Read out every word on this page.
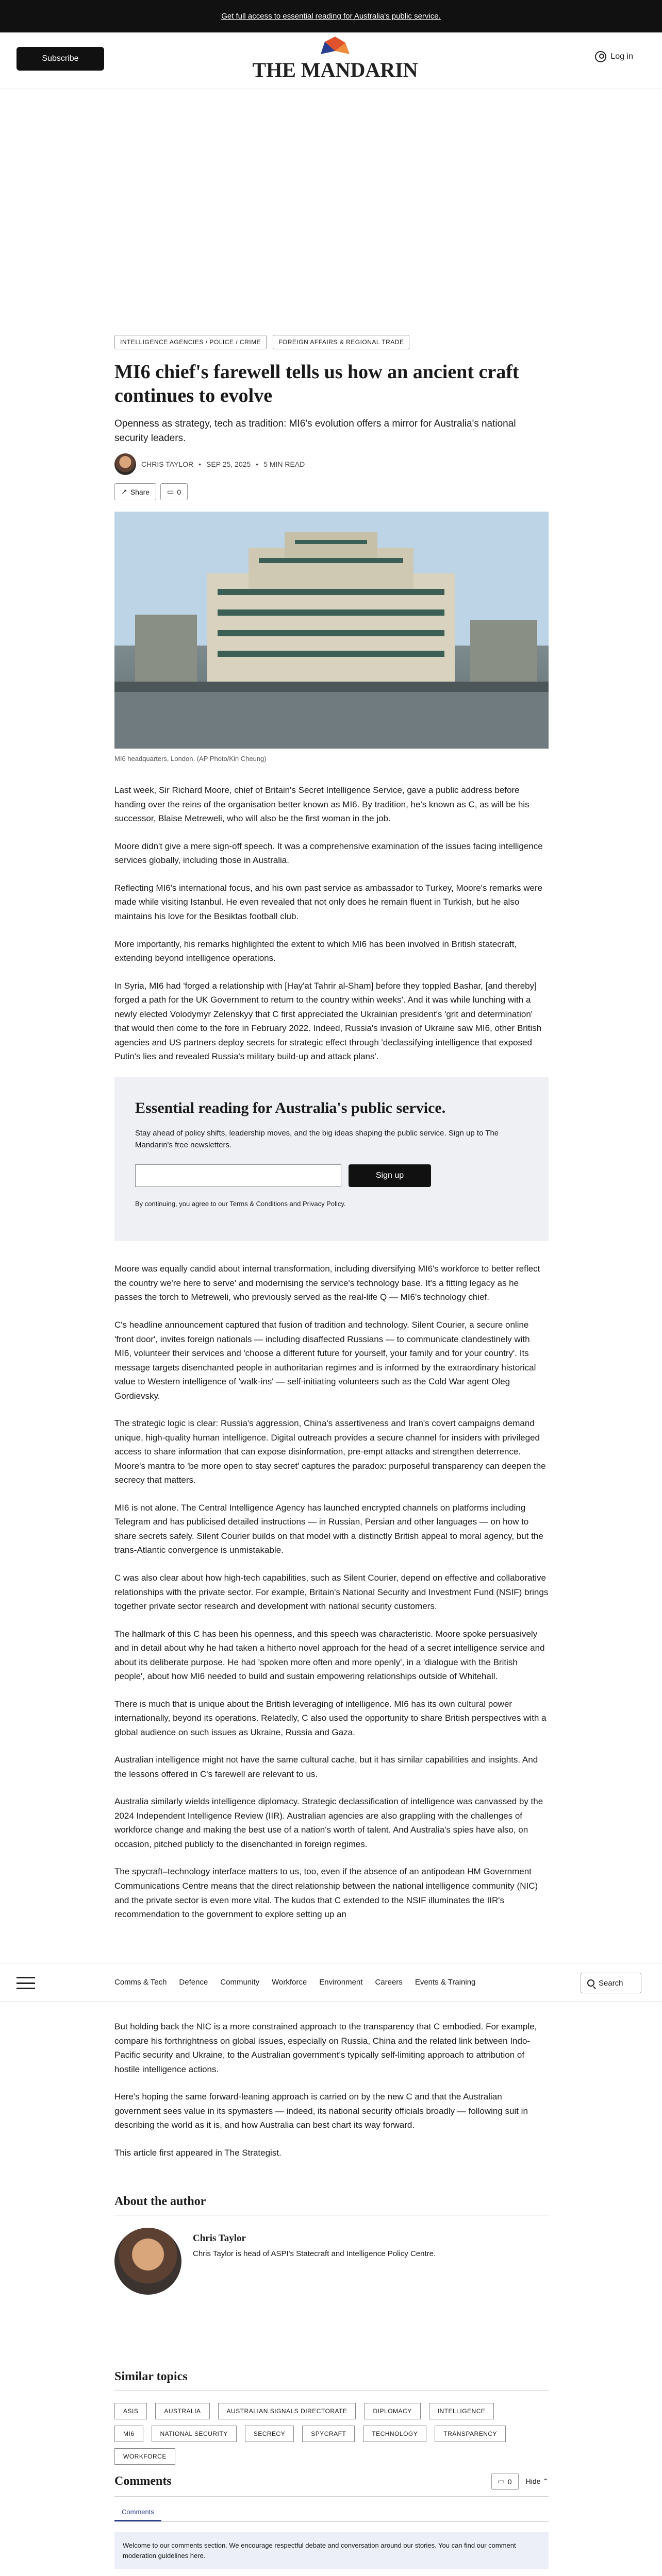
Get full access to essential reading for Australia's public service.
Subscribe	THE MANDARIN
Log in
INTELLIGENCE AGENCIES / POLICE / CRIME	FOREIGN AFFAIRS & REGIONAL TRADE
MI6 chief's farewell tells us how an ancient craft continues to evolve

Openness as strategy, tech as tradition: MI6's evolution offers a mirror for Australia's national security leaders.

CHRIS TAYLOR • SEP 25, 2025 • 5 MIN READ
↗ Share ▭ 0

MI6 headquarters, London. (AP Photo/Kin Cheung)

Last week, Sir Richard Moore, chief of Britain's Secret Intelligence Service, gave a public address before handing over the reins of the organisation better known as MI6. By tradition, he's known as C, as will be his successor, Blaise Metreweli, who will also be the first woman in the job.

Moore didn't give a mere sign-off speech. It was a comprehensive examination of the issues facing intelligence services globally, including those in Australia.

Reflecting MI6's international focus, and his own past service as ambassador to Turkey, Moore's remarks were made while visiting Istanbul. He even revealed that not only does he remain fluent in Turkish, but he also maintains his love for the Besiktas football club.

More importantly, his remarks highlighted the extent to which MI6 has been involved in British statecraft, extending beyond intelligence operations.

In Syria, MI6 had 'forged a relationship with [Hay'at Tahrir al-Sham] before they toppled Bashar, [and thereby] forged a path for the UK Government to return to the country within weeks'. And it was while lunching with a newly elected Volodymyr Zelenskyy that C first appreciated the Ukrainian president's 'grit and determination' that would then come to the fore in February 2022. Indeed, Russia's invasion of Ukraine saw MI6, other British agencies and US partners deploy secrets for strategic effect through 'declassifying intelligence that exposed Putin's lies and revealed Russia's military build-up and attack plans'.

Essential reading for Australia's public service.

Stay ahead of policy shifts, leadership moves, and the big ideas shaping the public service. Sign up to The Mandarin's free newsletters.

Sign up

By continuing, you agree to our Terms & Conditions and Privacy Policy.

Moore was equally candid about internal transformation, including diversifying MI6's workforce to better reflect the country we're here to serve' and modernising the service's technology base. It's a fitting legacy as he passes the torch to Metreweli, who previously served as the real-life Q — MI6's technology chief.

C's headline announcement captured that fusion of tradition and technology. Silent Courier, a secure online 'front door', invites foreign nationals — including disaffected Russians — to communicate clandestinely with MI6, volunteer their services and 'choose a different future for yourself, your family and for your country'. Its message targets disenchanted people in authoritarian regimes and is informed by the extraordinary historical value to Western intelligence of 'walk-ins' — self-initiating volunteers such as the Cold War agent Oleg Gordievsky.

The strategic logic is clear: Russia's aggression, China's assertiveness and Iran's covert campaigns demand unique, high-quality human intelligence. Digital outreach provides a secure channel for insiders with privileged access to share information that can expose disinformation, pre-empt attacks and strengthen deterrence. Moore's mantra to 'be more open to stay secret' captures the paradox: purposeful transparency can deepen the secrecy that matters.

MI6 is not alone. The Central Intelligence Agency has launched encrypted channels on platforms including Telegram and has publicised detailed instructions — in Russian, Persian and other languages — on how to share secrets safely. Silent Courier builds on that model with a distinctly British appeal to moral agency, but the trans-Atlantic convergence is unmistakable.

C was also clear about how high-tech capabilities, such as Silent Courier, depend on effective and collaborative relationships with the private sector. For example, Britain's National Security and Investment Fund (NSIF) brings together private sector research and development with national security customers.

The hallmark of this C has been his openness, and this speech was characteristic. Moore spoke persuasively and in detail about why he had taken a hitherto novel approach for the head of a secret intelligence service and about its deliberate purpose. He had 'spoken more often and more openly', in a 'dialogue with the British people', about how MI6 needed to build and sustain empowering relationships outside of Whitehall.

There is much that is unique about the British leveraging of intelligence. MI6 has its own cultural power internationally, beyond its operations. Relatedly, C also used the opportunity to share British perspectives with a global audience on such issues as Ukraine, Russia and Gaza.

Australian intelligence might not have the same cultural cache, but it has similar capabilities and insights. And the lessons offered in C's farewell are relevant to us.

Australia similarly wields intelligence diplomacy. Strategic declassification of intelligence was canvassed by the 2024 Independent Intelligence Review (IIR). Australian agencies are also grappling with the challenges of workforce change and making the best use of a nation's worth of talent. And Australia's spies have also, on occasion, pitched publicly to the disenchanted in foreign regimes.

The spycraft–technology interface matters to us, too, even if the absence of an antipodean HM Government Communications Centre means that the direct relationship between the national intelligence community (NIC) and the private sector is even more vital. The kudos that C extended to the NSIF illuminates the IIR's recommendation to the government to explore setting up an

Comms & Tech Defence Community Workforce Environment Careers Events & Training	Search

But holding back the NIC is a more constrained approach to the transparency that C embodied. For example, compare his forthrightness on global issues, especially on Russia, China and the related link between Indo-Pacific security and Ukraine, to the Australian government's typically self-limiting approach to attribution of hostile intelligence actions.

Here's hoping the same forward-leaning approach is carried on by the new C and that the Australian government sees value in its spymasters — indeed, its national security officials broadly — following suit in describing the world as it is, and how Australia can best chart its way forward.

This article first appeared in The Strategist.

About the author
Chris Taylor
Chris Taylor is head of ASPI's Statecraft and Intelligence Policy Centre.
Similar topics
ASIS	AUSTRALIA	AUSTRALIAN SIGNALS DIRECTORATE	DIPLOMACY	INTELLIGENCE
MI6	NATIONAL SECURITY	SECRECY	SPYCRAFT	TECHNOLOGY	TRANSPARENCY
WORKFORCE
Comments	▭ 0 Hide ⌃
Comments
Welcome to our comments section. We encourage respectful debate and conversation around our stories. You can find our comment moderation guidelines here.
